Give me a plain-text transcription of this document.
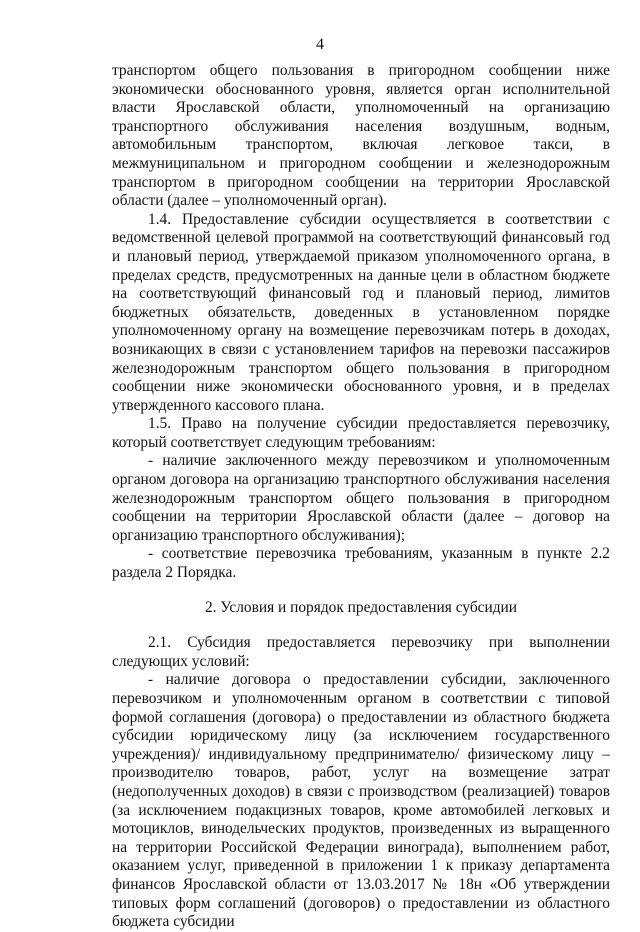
4

транспортом общего пользования в пригородном сообщении ниже экономически обоснованного уровня, является орган исполнительной власти Ярославской области, уполномоченный на организацию транспортного обслуживания населения воздушным, водным, автомобильным транспортом, включая легковое такси, в межмуниципальном и пригородном сообщении и железнодорожным транспортом в пригородном сообщении на территории Ярославской области (далее – уполномоченный орган).

1.4. Предоставление субсидии осуществляется в соответствии с ведомственной целевой программой на соответствующий финансовый год и плановый период, утверждаемой приказом уполномоченного органа, в пределах средств, предусмотренных на данные цели в областном бюджете на соответствующий финансовый год и плановый период, лимитов бюджетных обязательств, доведенных в установленном порядке уполномоченному органу на возмещение перевозчикам потерь в доходах, возникающих в связи с установлением тарифов на перевозки пассажиров железнодорожным транспортом общего пользования в пригородном сообщении ниже экономически обоснованного уровня, и в пределах утвержденного кассового плана.

1.5. Право на получение субсидии предоставляется перевозчику, который соответствует следующим требованиям:

- наличие заключенного между перевозчиком и уполномоченным органом договора на организацию транспортного обслуживания населения железнодорожным транспортом общего пользования в пригородном сообщении на территории Ярославской области (далее – договор на организацию транспортного обслуживания);

- соответствие перевозчика требованиям, указанным в пункте 2.2 раздела 2 Порядка.

2. Условия и порядок предоставления субсидии

2.1. Субсидия предоставляется перевозчику при выполнении следующих условий:

- наличие договора о предоставлении субсидии, заключенного перевозчиком и уполномоченным органом в соответствии с типовой формой соглашения (договора) о предоставлении из областного бюджета субсидии юридическому лицу (за исключением государственного учреждения)/ индивидуальному предпринимателю/ физическому лицу – производителю товаров, работ, услуг на возмещение затрат (недополученных доходов) в связи с производством (реализацией) товаров (за исключением подакцизных товаров, кроме автомобилей легковых и мотоциклов, винодельческих продуктов, произведенных из выращенного на территории Российской Федерации винограда), выполнением работ, оказанием услуг, приведенной в приложении 1 к приказу департамента финансов Ярославской области от 13.03.2017 № 18н «Об утверждении типовых форм соглашений (договоров) о предоставлении из областного бюджета субсидии
